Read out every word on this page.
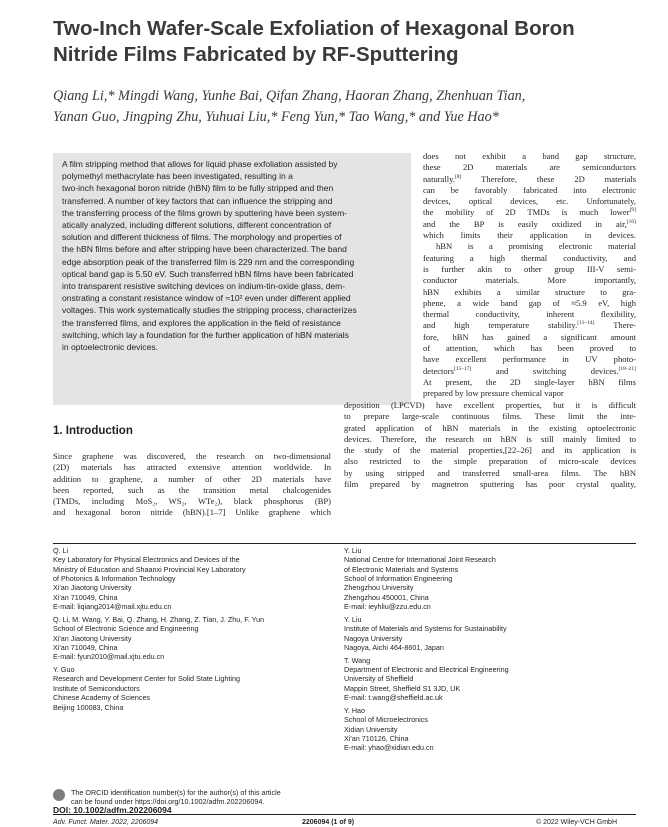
Two-Inch Wafer-Scale Exfoliation of Hexagonal Boron
Nitride Films Fabricated by RF-Sputtering
Qiang Li,* Mingdi Wang, Yunhe Bai, Qifan Zhang, Haoran Zhang, Zhenhuan Tian,
Yanan Guo, Jingping Zhu, Yuhuai Liu,* Feng Yun,* Tao Wang,* and Yue Hao*

A film stripping method that allows for liquid phase exfoliation assisted by

polymethyl methacrylate has been investigated, resulting in a

two-inch hexagonal boron nitride (hBN) film to be fully stripped and then

transferred. A number of key factors that can influence the stripping and

the transferring process of the films grown by sputtering have been system-

atically analyzed, including different solutions, different concentration of

solution and different thickness of films. The morphology and properties of

the hBN films before and after stripping have been characterized. The band

edge absorption peak of the transferred film is 229 nm and the corresponding

optical band gap is 5.50 eV. Such transferred hBN films have been fabricated

into transparent resistive switching devices on indium-tin-oxide glass, dem-

onstrating a constant resistance window of ≈10² even under different applied

voltages. This work systematically studies the stripping process, characterizes

the transferred films, and explores the application in the field of resistance

switching, which lay a foundation for the further application of hBN materials

in optoelectronic devices.

does not exhibit a band gap structure,

these 2D materials are semiconductors

naturally.[8] Therefore, these 2D materials

can be favorably fabricated into electronic

devices, optical devices, etc. Unfortunately,

the mobility of 2D TMDs is much lower[9]

and the BP is easily oxidized in air,[10]

which limits their application in devices.

hBN is a promising electronic material

featuring a high thermal conductivity, and

is further akin to other group III-V semi-

conductor materials. More importantly,

hBN exhibits a similar structure to gra-

phene, a wide band gap of ≈5.9 eV, high

thermal conductivity, inherent flexibility,

and high temperature stability.[11–14] There-

fore, hBN has gained a significant amount

of attention, which has been proved to

have excellent performance in UV photo-

detectors[15–17] and switching devices.[18–21]

At present, the 2D single-layer hBN films

prepared by low pressure chemical vapor

1. Introduction

Since graphene was discovered, the research on two-dimensional

(2D) materials has attracted extensive attention worldwide. In

addition to graphene, a number of other 2D materials have

been reported, such as the transition metal chalcogenides

(TMDs, including MoS₂, WS₂, WTe₂), black phosphorus (BP)

and hexagonal boron nitride (hBN).[1–7] Unlike graphene which

deposition (LPCVD) have excellent properties, but it is difficult

to prepare large-scale continuous films. These limit the inte-

grated application of hBN materials in the existing optoelectronic

devices. Therefore, the research on hBN is still mainly limited to

the study of the material properties,[22–26] and its application is

also restricted to the simple preparation of micro-scale devices

by using stripped and transferred small-area films. The hBN

film prepared by magnetron sputtering has poor crystal quality,

Q. Li

Key Laboratory for Physical Electronics and Devices of the

Ministry of Education and Shaanxi Provincial Key Laboratory

of Photonics & Information Technology

Xi'an Jiaotong University

Xi'an 710049, China

E-mail: liqiang2014@mail.xjtu.edu.cn

Q. Li, M. Wang, Y. Bai, Q. Zhang, H. Zhang, Z. Tian, J. Zhu, F. Yun

School of Electronic Science and Engineering

Xi'an Jiaotong University

Xi'an 710049, China

E-mail: fyun2010@mail.xjtu.edu.cn

Y. Guo

Research and Development Center for Solid State Lighting

Institute of Semiconductors

Chinese Academy of Sciences

Beijing 100083, China

Y. Liu

National Centre for International Joint Research

of Electronic Materials and Systems

School of Information Engineering

Zhengzhou University

Zhengzhou 450001, China

E-mail: ieyhliu@zzu.edu.cn

Y. Liu

Institute of Materials and Systems for Sustainability

Nagoya University

Nagoya, Aichi 464-8601, Japan

T. Wang

Department of Electronic and Electrical Engineering

University of Sheffield

Mappin Street, Sheffield S1 3JD, UK

E-mail: t.wang@sheffield.ac.uk

Y. Hao

School of Microelectronics

Xidian University

Xi'an 710126, China

E-mail: yhao@xidian.edu.cn

The ORCID identification number(s) for the author(s) of this article

can be found under https://doi.org/10.1002/adfm.202206094.

DOI: 10.1002/adfm.202206094
Adv. Funct. Mater. 2022, 2206094	2206094 (1 of 9)	© 2022 Wiley-VCH GmbH
